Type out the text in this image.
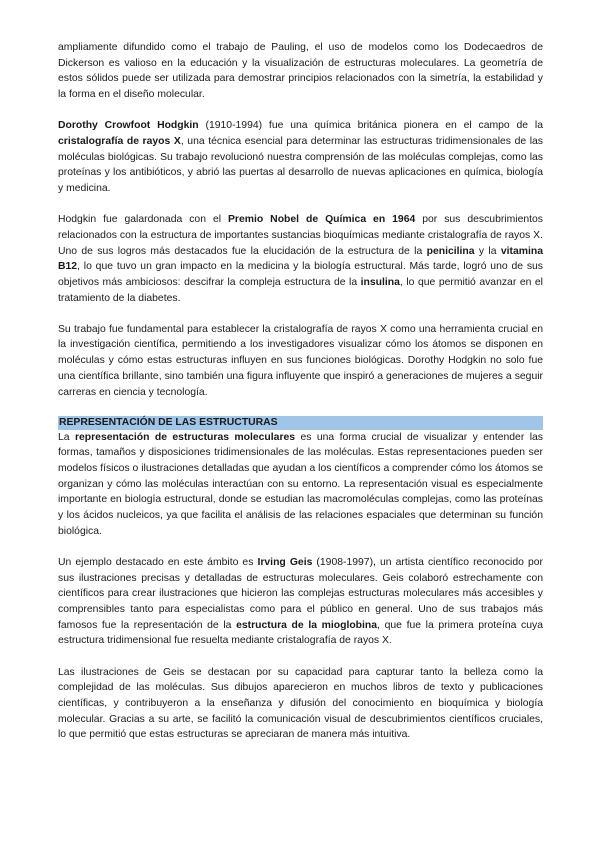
ampliamente difundido como el trabajo de Pauling, el uso de modelos como los Dodecaedros de Dickerson es valioso en la educación y la visualización de estructuras moleculares. La geometría de estos sólidos puede ser utilizada para demostrar principios relacionados con la simetría, la estabilidad y la forma en el diseño molecular.

Dorothy Crowfoot Hodgkin (1910-1994) fue una química británica pionera en el campo de la cristalografía de rayos X, una técnica esencial para determinar las estructuras tridimensionales de las moléculas biológicas. Su trabajo revolucionó nuestra comprensión de las moléculas complejas, como las proteínas y los antibióticos, y abrió las puertas al desarrollo de nuevas aplicaciones en química, biología y medicina.

Hodgkin fue galardonada con el Premio Nobel de Química en 1964 por sus descubrimientos relacionados con la estructura de importantes sustancias bioquímicas mediante cristalografía de rayos X. Uno de sus logros más destacados fue la elucidación de la estructura de la penicilina y la vitamina B12, lo que tuvo un gran impacto en la medicina y la biología estructural. Más tarde, logró uno de sus objetivos más ambiciosos: descifrar la compleja estructura de la insulina, lo que permitió avanzar en el tratamiento de la diabetes.

Su trabajo fue fundamental para establecer la cristalografía de rayos X como una herramienta crucial en la investigación científica, permitiendo a los investigadores visualizar cómo los átomos se disponen en moléculas y cómo estas estructuras influyen en sus funciones biológicas. Dorothy Hodgkin no solo fue una científica brillante, sino también una figura influyente que inspiró a generaciones de mujeres a seguir carreras en ciencia y tecnología.

REPRESENTACIÓN DE LAS ESTRUCTURAS

La representación de estructuras moleculares es una forma crucial de visualizar y entender las formas, tamaños y disposiciones tridimensionales de las moléculas. Estas representaciones pueden ser modelos físicos o ilustraciones detalladas que ayudan a los científicos a comprender cómo los átomos se organizan y cómo las moléculas interactúan con su entorno. La representación visual es especialmente importante en biología estructural, donde se estudian las macromoléculas complejas, como las proteínas y los ácidos nucleicos, ya que facilita el análisis de las relaciones espaciales que determinan su función biológica.

Un ejemplo destacado en este ámbito es Irving Geis (1908-1997), un artista científico reconocido por sus ilustraciones precisas y detalladas de estructuras moleculares. Geis colaboró estrechamente con científicos para crear ilustraciones que hicieron las complejas estructuras moleculares más accesibles y comprensibles tanto para especialistas como para el público en general. Uno de sus trabajos más famosos fue la representación de la estructura de la mioglobina, que fue la primera proteína cuya estructura tridimensional fue resuelta mediante cristalografía de rayos X.

Las ilustraciones de Geis se destacan por su capacidad para capturar tanto la belleza como la complejidad de las moléculas. Sus dibujos aparecieron en muchos libros de texto y publicaciones científicas, y contribuyeron a la enseñanza y difusión del conocimiento en bioquímica y biología molecular. Gracias a su arte, se facilitó la comunicación visual de descubrimientos científicos cruciales, lo que permitió que estas estructuras se apreciaran de manera más intuitiva.
